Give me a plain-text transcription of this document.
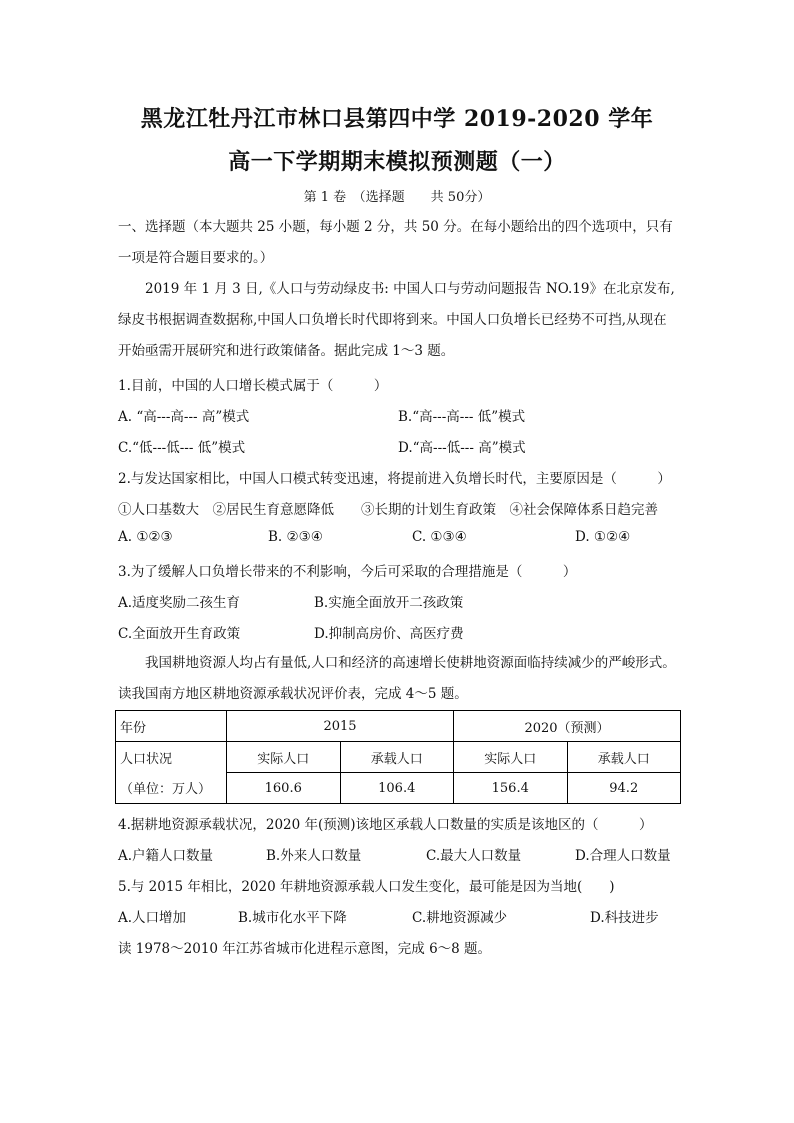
黑龙江牡丹江市林口县第四中学 2019-2020 学年
高一下学期期末模拟预测题（一）
第 1 卷　（选择题　　共 50分）
一、选择题（本大题共 25 小题，每小题 2 分，共 50 分。在每小题给出的四个选项中，只有一项是符合题目要求的。）
2019 年 1 月 3 日,《人口与劳动绿皮书: 中国人口与劳动问题报告 NO.19》在北京发布,绿皮书根据调查数据称,中国人口负增长时代即将到来。中国人口负增长已经势不可挡,从现在开始亟需开展研究和进行政策储备。据此完成 1～3 题。
1.目前，中国的人口增长模式属于（　　　）
A. “高---高--- 高”模式	B.“高---高--- 低”模式
C.“低---低--- 低”模式	D.“高---低--- 高”模式
2.与发达国家相比，中国人口模式转变迅速，将提前进入负增长时代，主要原因是（　　　）
①人口基数大　②居民生育意愿降低　　③长期的计划生育政策　④社会保障体系日趋完善
A. ①②③	B. ②③④	C. ①③④	D. ①②④
3.为了缓解人口负增长带来的不利影响，今后可采取的合理措施是（　　　）
A.适度奖励二孩生育	B.实施全面放开二孩政策
C.全面放开生育政策	D.抑制高房价、高医疗费
我国耕地资源人均占有量低,人口和经济的高速增长使耕地资源面临持续减少的严峻形式。读我国南方地区耕地资源承载状况评价表，完成 4～5 题。
年份	2015		2020（预测）	
人口状况	实际人口	承载人口	实际人口	承载人口
（单位：万人）	160.6	106.4	156.4	94.2
4.据耕地资源承载状况，2020 年(预测)该地区承载人口数量的实质是该地区的（　　　）
A.户籍人口数量	B.外来人口数量	C.最大人口数量	D.合理人口数量
5.与 2015 年相比，2020 年耕地资源承载人口发生变化，最可能是因为当地(　　)
A.人口增加	B.城市化水平下降	C.耕地资源减少	D.科技进步
读 1978～2010 年江苏省城市化进程示意图，完成 6～8 题。
